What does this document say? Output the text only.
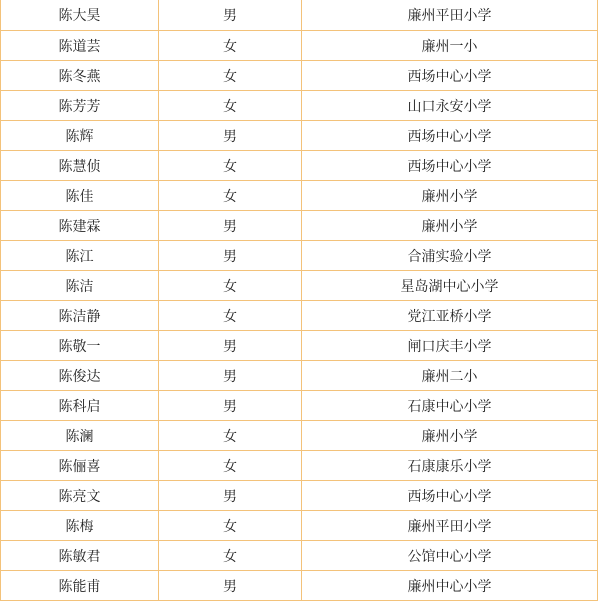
陈大昊	男	廉州平田小学
陈道芸	女	廉州一小
陈冬燕	女	西场中心小学
陈芳芳	女	山口永安小学
陈辉	男	西场中心小学
陈慧侦	女	西场中心小学
陈佳	女	廉州小学
陈建霖	男	廉州小学
陈江	男	合浦实验小学
陈洁	女	星岛湖中心小学
陈洁静	女	党江亚桥小学
陈敬一	男	闸口庆丰小学
陈俊达	男	廉州二小
陈科启	男	石康中心小学
陈澜	女	廉州小学
陈俪喜	女	石康康乐小学
陈亮文	男	西场中心小学
陈梅	女	廉州平田小学
陈敏君	女	公馆中心小学
陈能甫	男	廉州中心小学
